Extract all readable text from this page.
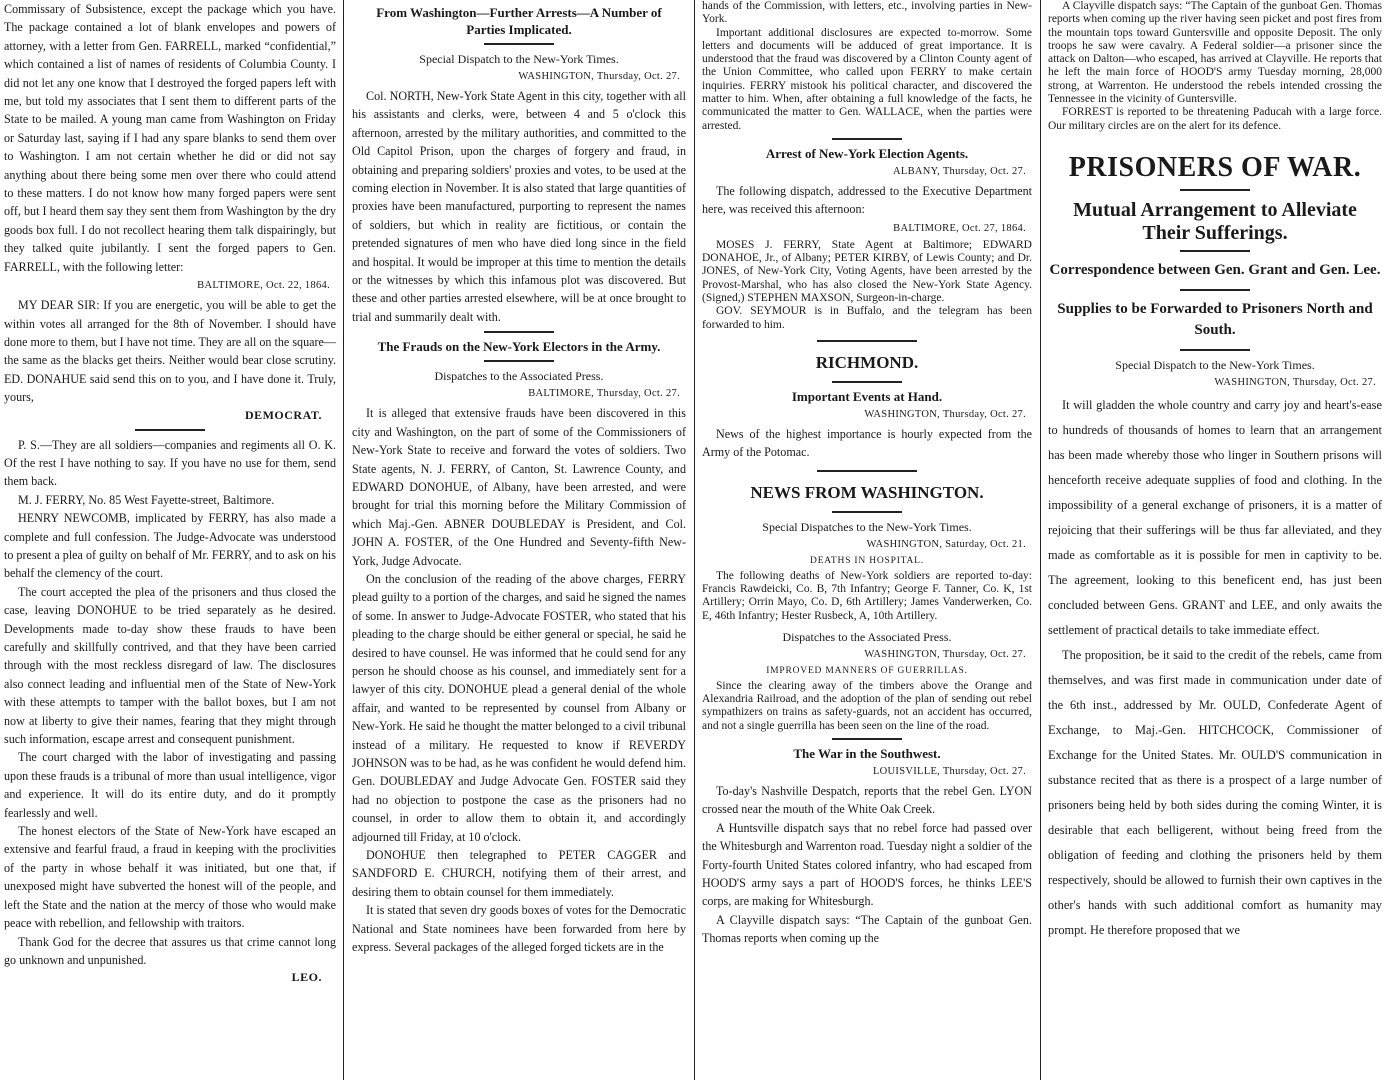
Commissary of Subsistence, except the package which you have. The package contained a lot of blank envelopes and powers of attorney, with a letter from Gen. FARRELL, marked “confidential,” which contained a list of names of residents of Columbia County. I did not let any one know that I destroyed the forged papers left with me, but told my associates that I sent them to different parts of the State to be mailed. A young man came from Washington on Friday or Saturday last, saying if I had any spare blanks to send them over to Washington. I am not certain whether he did or did not say anything about there being some men over there who could attend to these matters. I do not know how many forged papers were sent off, but I heard them say they sent them from Washington by the dry goods box full. I do not recollect hearing them talk dispairingly, but they talked quite jubilantly. I sent the forged papers to Gen. FARRELL, with the following letter:

BALTIMORE, Oct. 22, 1864.

MY DEAR SIR: If you are energetic, you will be able to get the within votes all arranged for the 8th of November. I should have done more to them, but I have not time. They are all on the square—the same as the blacks get theirs. Neither would bear close scrutiny. ED. DONAHUE said send this on to you, and I have done it. Truly, yours,

DEMOCRAT.

P. S.—They are all soldiers—companies and regiments all O. K. Of the rest I have nothing to say. If you have no use for them, send them back.

M. J. FERRY, No. 85 West Fayette-street, Baltimore.

HENRY NEWCOMB, implicated by FERRY, has also made a complete and full confession. The Judge-Advocate was understood to present a plea of guilty on behalf of Mr. FERRY, and to ask on his behalf the clemency of the court.

The court accepted the plea of the prisoners and thus closed the case, leaving DONOHUE to be tried separately as he desired. Developments made to-day show these frauds to have been carefully and skillfully contrived, and that they have been carried through with the most reckless disregard of law. The disclosures also connect leading and influential men of the State of New-York with these attempts to tamper with the ballot boxes, but I am not now at liberty to give their names, fearing that they might through such information, escape arrest and consequent punishment.

The court charged with the labor of investigating and passing upon these frauds is a tribunal of more than usual intelligence, vigor and experience. It will do its entire duty, and do it promptly fearlessly and well.

The honest electors of the State of New-York have escaped an extensive and fearful fraud, a fraud in keeping with the proclivities of the party in whose behalf it was initiated, but one that, if unexposed might have subverted the honest will of the people, and left the State and the nation at the mercy of those who would make peace with rebellion, and fellowship with traitors.

Thank God for the decree that assures us that crime cannot long go unknown and unpunished.

LEO.
From Washington—Further Arrests—A Number of Parties Implicated.
Special Dispatch to the New-York Times.
WASHINGTON, Thursday, Oct. 27.

Col. NORTH, New-York State Agent in this city, together with all his assistants and clerks, were, between 4 and 5 o'clock this afternoon, arrested by the military authorities, and committed to the Old Capitol Prison, upon the charges of forgery and fraud, in obtaining and preparing soldiers' proxies and votes, to be used at the coming election in November. It is also stated that large quantities of proxies have been manufactured, purporting to represent the names of soldiers, but which in reality are fictitious, or contain the pretended signatures of men who have died long since in the field and hospital. It would be improper at this time to mention the details or the witnesses by which this infamous plot was discovered. But these and other parties arrested elsewhere, will be at once brought to trial and summarily dealt with.

The Frauds on the New-York Electors in the Army.
Dispatches to the Associated Press.
BALTIMORE, Thursday, Oct. 27.

It is alleged that extensive frauds have been discovered in this city and Washington, on the part of some of the Commissioners of New-York State to receive and forward the votes of soldiers. Two State agents, N. J. FERRY, of Canton, St. Lawrence County, and EDWARD DONOHUE, of Albany, have been arrested, and were brought for trial this morning before the Military Commission of which Maj.-Gen. ABNER DOUBLEDAY is President, and Col. JOHN A. FOSTER, of the One Hundred and Seventy-fifth New-York, Judge Advocate.

On the conclusion of the reading of the above charges, FERRY plead guilty to a portion of the charges, and said he signed the names of some. In answer to Judge-Advocate FOSTER, who stated that his pleading to the charge should be either general or special, he said he desired to have counsel. He was informed that he could send for any person he should choose as his counsel, and immediately sent for a lawyer of this city. DONOHUE plead a general denial of the whole affair, and wanted to be represented by counsel from Albany or New-York. He said he thought the matter belonged to a civil tribunal instead of a military. He requested to know if REVERDY JOHNSON was to be had, as he was confident he would defend him. Gen. DOUBLEDAY and Judge Advocate Gen. FOSTER said they had no objection to postpone the case as the prisoners had no counsel, in order to allow them to obtain it, and accordingly adjourned till Friday, at 10 o'clock.

DONOHUE then telegraphed to PETER CAGGER and SANDFORD E. CHURCH, notifying them of their arrest, and desiring them to obtain counsel for them immediately.

It is stated that seven dry goods boxes of votes for the Democratic National and State nominees have been forwarded from here by express. Several packages of the alleged forged tickets are in the

hands of the Commission, with letters, etc., involving parties in New-York.

Important additional disclosures are expected to-morrow. Some letters and documents will be adduced of great importance. It is understood that the fraud was discovered by a Clinton County agent of the Union Committee, who called upon FERRY to make certain inquiries. FERRY mistook his political character, and discovered the matter to him. When, after obtaining a full knowledge of the facts, he communicated the matter to Gen. WALLACE, when the parties were arrested.

Arrest of New-York Election Agents.
ALBANY, Thursday, Oct. 27.

The following dispatch, addressed to the Executive Department here, was received this afternoon:

BALTIMORE, Oct. 27, 1864.

MOSES J. FERRY, State Agent at Baltimore; EDWARD DONAHOE, Jr., of Albany; PETER KIRBY, of Lewis County; and Dr. JONES, of New-York City, Voting Agents, have been arrested by the Provost-Marshal, who has also closed the New-York State Agency. (Signed,) STEPHEN MAXSON, Surgeon-in-charge.

GOV. SEYMOUR is in Buffalo, and the telegram has been forwarded to him.

RICHMOND.
Important Events at Hand.
WASHINGTON, Thursday, Oct. 27.

News of the highest importance is hourly expected from the Army of the Potomac.

NEWS FROM WASHINGTON.
Special Dispatches to the New-York Times.
WASHINGTON, Saturday, Oct. 21.
DEATHS IN HOSPITAL.

The following deaths of New-York soldiers are reported to-day: Francis Rawdeicki, Co. B, 7th Infantry; George F. Tanner, Co. K, 1st Artillery; Orrin Mayo, Co. D, 6th Artillery; James Vanderwerken, Co. E, 46th Infantry; Hester Rusbeck, A, 10th Artillery.

Dispatches to the Associated Press.
WASHINGTON, Thursday, Oct. 27.
IMPROVED MANNERS OF GUERRILLAS.

Since the clearing away of the timbers above the Orange and Alexandria Railroad, and the adoption of the plan of sending out rebel sympathizers on trains as safety-guards, not an accident has occurred, and not a single guerrilla has been seen on the line of the road.

The War in the Southwest.
LOUISVILLE, Thursday, Oct. 27.

To-day's Nashville Despatch, reports that the rebel Gen. LYON crossed near the mouth of the White Oak Creek.

A Huntsville dispatch says that no rebel force had passed over the Whitesburgh and Warrenton road. Tuesday night a soldier of the Forty-fourth United States colored infantry, who had escaped from HOOD'S army says a part of HOOD'S forces, he thinks LEE'S corps, are making for Whitesburgh.

A Clayville dispatch says: “The Captain of the gunboat Gen. Thomas reports when coming up the

A Clayville dispatch says: “The Captain of the gunboat Gen. Thomas reports when coming up the river having seen picket and post fires from the mountain tops toward Guntersville and opposite Deposit. The only troops he saw were cavalry. A Federal soldier—a prisoner since the attack on Dalton—who escaped, has arrived at Clayville. He reports that he left the main force of HOOD'S army Tuesday morning, 28,000 strong, at Warrenton. He understood the rebels intended crossing the Tennessee in the vicinity of Guntersville.

FORREST is reported to be threatening Paducah with a large force. Our military circles are on the alert for its defence.

PRISONERS OF WAR.
Mutual Arrangement to Alleviate Their Sufferings.
Correspondence between Gen. Grant and Gen. Lee.
Supplies to be Forwarded to Prisoners North and South.
Special Dispatch to the New-York Times.
WASHINGTON, Thursday, Oct. 27.

It will gladden the whole country and carry joy and heart's-ease to hundreds of thousands of homes to learn that an arrangement has been made whereby those who linger in Southern prisons will henceforth receive adequate supplies of food and clothing. In the impossibility of a general exchange of prisoners, it is a matter of rejoicing that their sufferings will be thus far alleviated, and they made as comfortable as it is possible for men in captivity to be. The agreement, looking to this beneficent end, has just been concluded between Gens. GRANT and LEE, and only awaits the settlement of practical details to take immediate effect.

The proposition, be it said to the credit of the rebels, came from themselves, and was first made in communication under date of the 6th inst., addressed by Mr. OULD, Confederate Agent of Exchange, to Maj.-Gen. HITCHCOCK, Commissioner of Exchange for the United States. Mr. OULD'S communication in substance recited that as there is a prospect of a large number of prisoners being held by both sides during the coming Winter, it is desirable that each belligerent, without being freed from the obligation of feeding and clothing the prisoners held by them respectively, should be allowed to furnish their own captives in the other's hands with such additional comfort as humanity may prompt. He therefore proposed that we
